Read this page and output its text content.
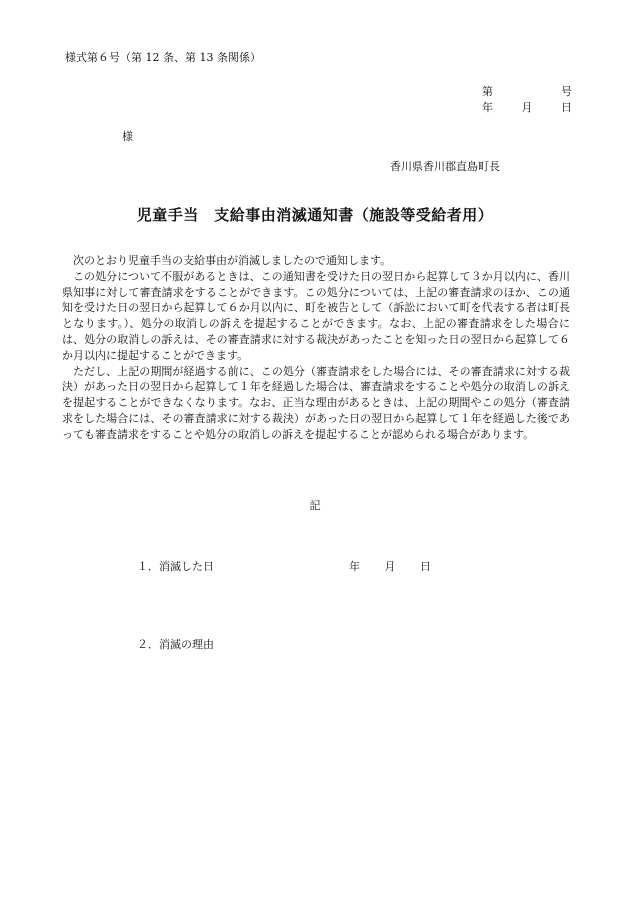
様式第６号（第 12 条、第 13 条関係）
第	号
年	月	日
様
香川県香川郡直島町長
児童手当　支給事由消滅通知書（施設等受給者用）

次のとおり児童手当の支給事由が消滅しましたので通知します。

この処分について不服があるときは、この通知書を受けた日の翌日から起算して３か月以内に、香川県知事に対して審査請求をすることができます。この処分については、上記の審査請求のほか、この通知を受けた日の翌日から起算して６か月以内に、町を被告として（訴訟において町を代表する者は町長となります。）、処分の取消しの訴えを提起することができます。なお、上記の審査請求をした場合には、処分の取消しの訴えは、その審査請求に対する裁決があったことを知った日の翌日から起算して６か月以内に提起することができます。

ただし、上記の期間が経過する前に、この処分（審査請求をした場合には、その審査請求に対する裁決）があった日の翌日から起算して１年を経過した場合は、審査請求をすることや処分の取消しの訴えを提起することができなくなります。なお、正当な理由があるときは、上記の期間やこの処分（審査請求をした場合には、その審査請求に対する裁決）があった日の翌日から起算して１年を経過した後であっても審査請求をすることや処分の取消しの訴えを提起することが認められる場合があります。

記
１．消滅した日	年 月 日
２．消滅の理由
